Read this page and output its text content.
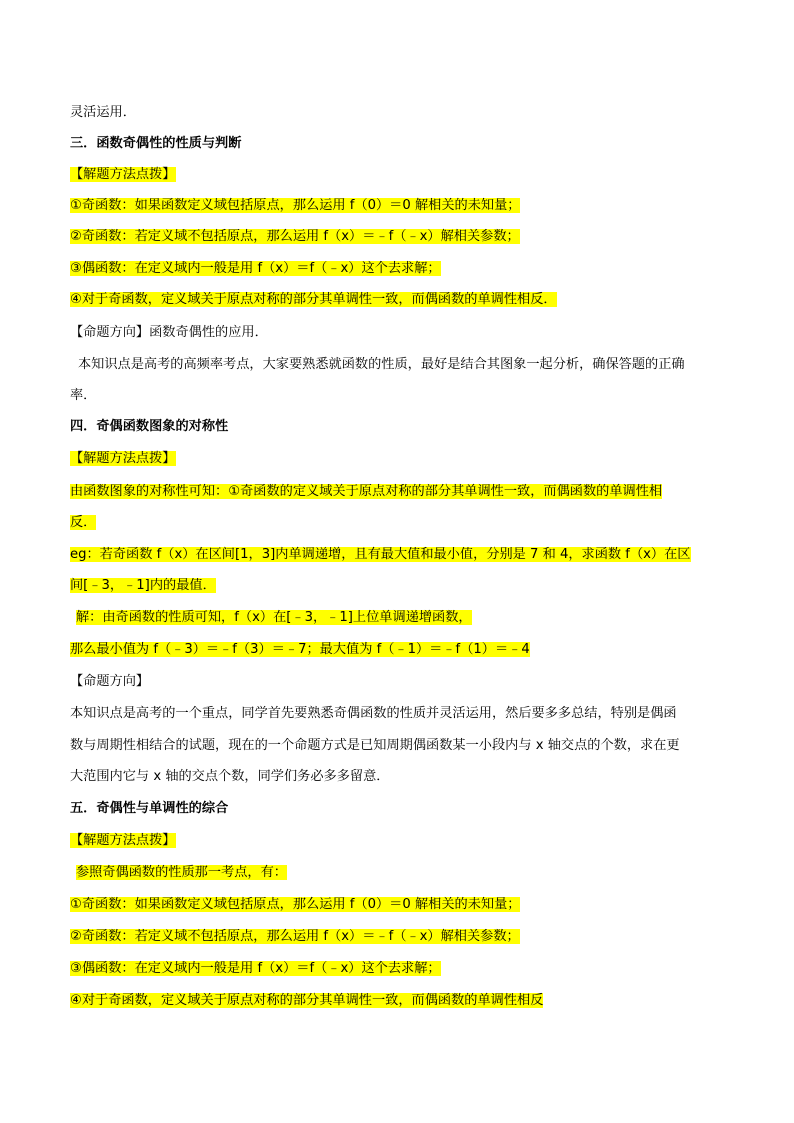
灵活运用．
三．函数奇偶性的性质与判断
【解题方法点拨】
①奇函数：如果函数定义域包括原点，那么运用 f（0）＝0 解相关的未知量；
②奇函数：若定义域不包括原点，那么运用 f（x）＝﹣f（﹣x）解相关参数；
③偶函数：在定义域内一般是用 f（x）＝f（﹣x）这个去求解；
④对于奇函数，定义域关于原点对称的部分其单调性一致，而偶函数的单调性相反．
【命题方向】函数奇偶性的应用．
本知识点是高考的高频率考点，大家要熟悉就函数的性质，最好是结合其图象一起分析，确保答题的正确
率．
四．奇偶函数图象的对称性
【解题方法点拨】
由函数图象的对称性可知：①奇函数的定义域关于原点对称的部分其单调性一致，而偶函数的单调性相
反．
eg：若奇函数 f（x）在区间[1，3]内单调递增，且有最大值和最小值，分别是 7 和 4，求函数 f（x）在区
间[﹣3，﹣1]内的最值．
解：由奇函数的性质可知，f（x）在[﹣3，﹣1]上位单调递增函数，
那么最小值为 f（﹣3）＝﹣f（3）＝﹣7；最大值为 f（﹣1）＝﹣f（1）＝﹣4
【命题方向】
本知识点是高考的一个重点，同学首先要熟悉奇偶函数的性质并灵活运用，然后要多多总结，特别是偶函
数与周期性相结合的试题，现在的一个命题方式是已知周期偶函数某一小段内与 x 轴交点的个数，求在更
大范围内它与 x 轴的交点个数，同学们务必多多留意．
五．奇偶性与单调性的综合
【解题方法点拨】
参照奇偶函数的性质那一考点，有：
①奇函数：如果函数定义域包括原点，那么运用 f（0）＝0 解相关的未知量；
②奇函数：若定义域不包括原点，那么运用 f（x）＝﹣f（﹣x）解相关参数；
③偶函数：在定义域内一般是用 f（x）＝f（﹣x）这个去求解；
④对于奇函数，定义域关于原点对称的部分其单调性一致，而偶函数的单调性相反
